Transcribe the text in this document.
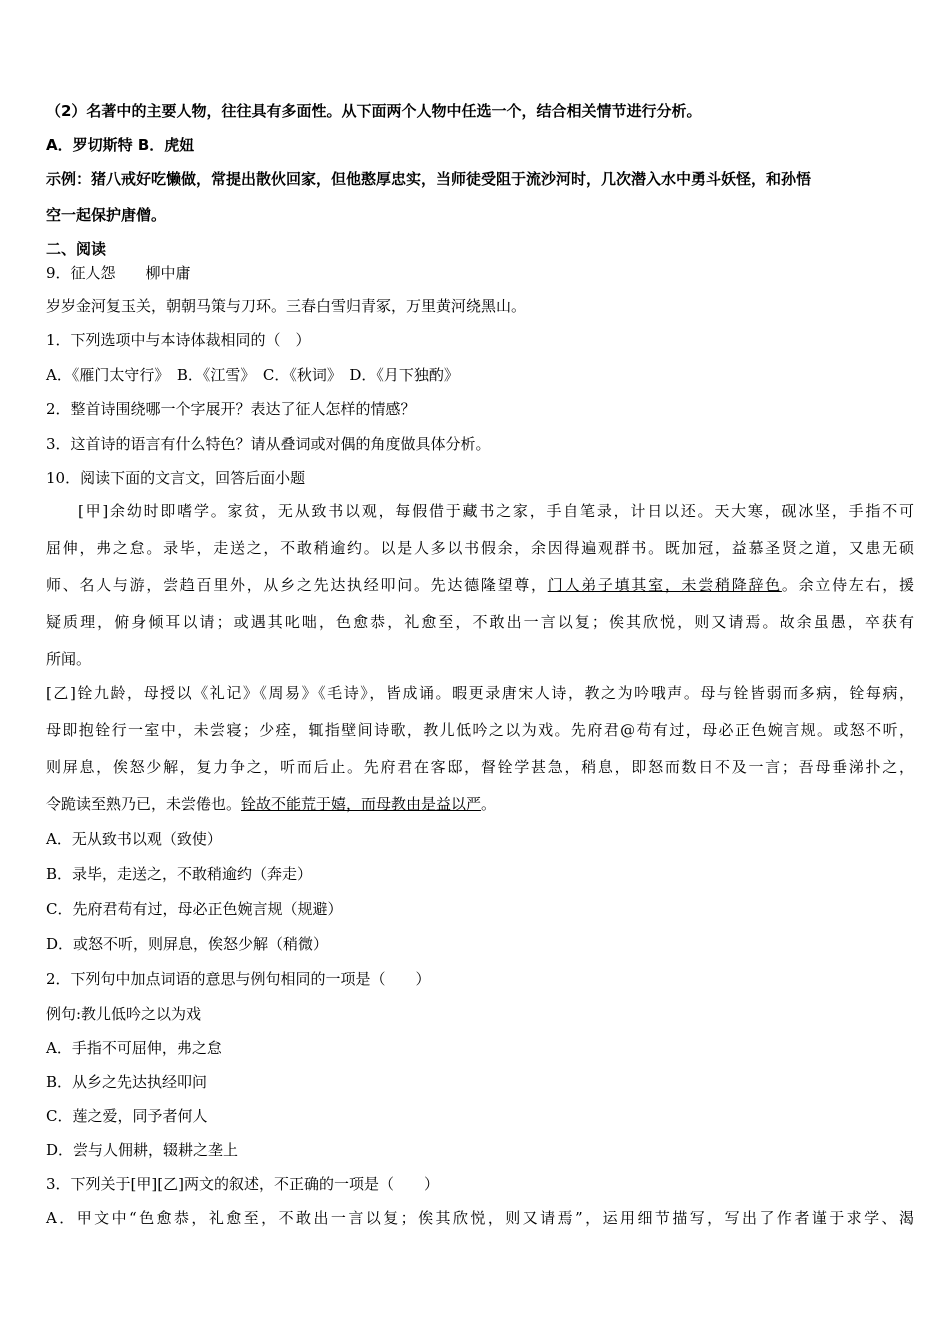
（2）名著中的主要人物，往往具有多面性。从下面两个人物中任选一个，结合相关情节进行分析。
A．罗切斯特 B．虎妞
示例：猪八戒好吃懒做，常提出散伙回家，但他憨厚忠实，当师徒受阻于流沙河时，几次潜入水中勇斗妖怪，和孙悟
空一起保护唐僧。
二、阅读
9．征人怨　　柳中庸
岁岁金河复玉关，朝朝马策与刀环。三春白雪归青冢，万里黄河绕黑山。
1．下列选项中与本诗体裁相同的（　）
A．《雁门太守行》　B．《江雪》　C．《秋词》　D．《月下独酌》
2．整首诗围绕哪一个字展开？表达了征人怎样的情感？
3．这首诗的语言有什么特色？请从叠词或对偶的角度做具体分析。
10．阅读下面的文言文，回答后面小题
[甲]余幼时即嗜学。家贫，无从致书以观，每假借于藏书之家，手自笔录，计日以还。天大寒，砚冰坚，手指不可
屈伸，弗之怠。录毕，走送之，不敢稍逾约。以是人多以书假余，余因得遍观群书。既加冠，益慕圣贤之道，又患无硕
师、名人与游，尝趋百里外，从乡之先达执经叩问。先达德隆望尊，门人弟子填其室，未尝稍降辞色。余立侍左右，援
疑质理，俯身倾耳以请；或遇其叱咄，色愈恭，礼愈至，不敢出一言以复；俟其欣悦，则又请焉。故余虽愚，卒获有
所闻。
[乙]铨九龄，母授以《礼记》《周易》《毛诗》，皆成诵。暇更录唐宋人诗，教之为吟哦声。母与铨皆弱而多病，铨每病，
母即抱铨行一室中，未尝寝；少痊，辄指壁间诗歌，教儿低吟之以为戏。先府君@苟有过，母必正色婉言规。或怒不听，
则屏息，俟怒少解，复力争之，听而后止。先府君在客邸，督铨学甚急，稍息，即怒而数日不及一言；吾母垂涕扑之，
令跪读至熟乃已，未尝倦也。铨故不能荒于嬉，而母教由是益以严。
A．无从致书以观（致使）
B．录毕，走送之，不敢稍逾约（奔走）
C．先府君苟有过，母必正色婉言规（规避）
D．或怒不听，则屏息，俟怒少解（稍微）
2．下列句中加点词语的意思与例句相同的一项是（　　）
例句:教儿低吟之以为戏
A．手指不可屈伸，弗之怠
B．从乡之先达执经叩问
C．莲之爱，同予者何人
D．尝与人佣耕，辍耕之垄上
3．下列关于[甲][乙]两文的叙述，不正确的一项是（　　）
A．甲文中“色愈恭，礼愈至，不敢出一言以复；俟其欣悦，则又请焉”，运用细节描写，写出了作者谨于求学、渴
